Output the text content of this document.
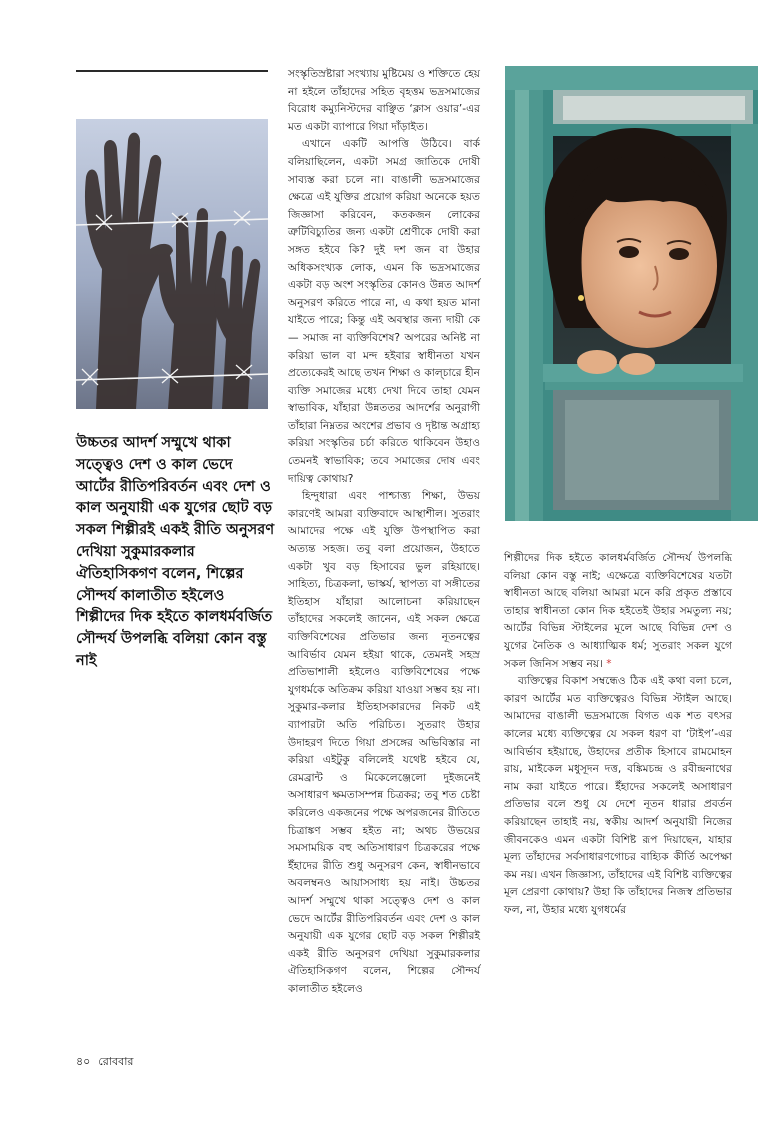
উচ্চতর আদর্শ সম্মুখে থাকা সত্ত্বেও দেশ ও কাল ভেদে আর্টের রীতিপরিবর্তন এবং দেশ ও কাল অনুযায়ী এক যুগের ছোট বড় সকল শিল্পীরই একই রীতি অনুসরণ দেখিয়া সুকুমারকলার ঐতিহাসিকগণ বলেন, শিল্পের সৌন্দর্য কালাতীত হইলেও শিল্পীদের দিক হইতে কালধর্মবর্জিত সৌন্দর্য উপলব্ধি বলিয়া কোন বস্তু নাই

সংস্কৃতিস্রষ্টারা সংখ্যায় মুষ্টিমেয় ও শক্তিতে হেয় না হইলে তাঁহাদের সহিত বৃহত্তম ভদ্রসমাজের বিরোধ কম্যুনিস্টদের বাঞ্ছিত ‘ক্লাস ওয়ার’-এর মত একটা ব্যাপারে গিয়া দাঁড়াইত।

এখানে একটি আপত্তি উঠিবে। বার্ক বলিয়াছিলেন, একটা সমগ্র জাতিকে দোষী সাব্যস্ত করা চলে না। বাঙালী ভদ্রসমাজের ক্ষেত্রে এই যুক্তির প্রয়োগ করিয়া অনেকে হয়ত জিজ্ঞাসা করিবেন, কতকজন লোকের ত্রুটিবিচ্যুতির জন্য একটা শ্রেণীকে দোষী করা সঙ্গত হইবে কি? দুই দশ জন বা উহার অধিকসংখ্যক লোক, এমন কি ভদ্রসমাজের একটা বড় অংশ সংস্কৃতির কোনও উন্নত আদর্শ অনুসরণ করিতে পারে না, এ কথা হয়ত মানা যাইতে পারে; কিন্তু এই অবস্থার জন্য দায়ী কে— সমাজ না ব্যক্তিবিশেষ? অপরের অনিষ্ট না করিয়া ভাল বা মন্দ হইবার স্বাধীনতা যখন প্রত্যেকেরই আছে তখন শিক্ষা ও কাল্চারে হীন ব্যক্তি সমাজের মধ্যে দেখা দিবে তাহা যেমন স্বাভাবিক, যাঁহারা উন্নততর আদর্শের অনুরাগী তাঁহারা নিম্নতর অংশের প্রভাব ও দৃষ্টান্ত অগ্রাহ্য করিয়া সংস্কৃতির চর্চা করিতে থাকিবেন উহাও তেমনই স্বাভাবিক; তবে সমাজের দোষ এবং দায়িত্ব কোথায়?

হিন্দুধারা এবং পাশ্চাত্ত্য শিক্ষা, উভয় কারণেই আমরা ব্যক্তিবাদে আস্থাশীল। সুতরাং আমাদের পক্ষে এই যুক্তি উপস্থাপিত করা অত্যন্ত সহজ। তবু বলা প্রয়োজন, উহাতে একটা খুব বড় হিসাবের ভুল রহিয়াছে। সাহিত্য, চিত্রকলা, ভাস্কর্য, স্থাপত্য বা সঙ্গীতের ইতিহাস যাঁহারা আলোচনা করিয়াছেন তাঁহাদের সকলেই জানেন, এই সকল ক্ষেত্রে ব্যক্তিবিশেষের প্রতিভার জন্য নূতনত্বের আবির্ভাব যেমন হইয়া থাকে, তেমনই সহস্র প্রতিভাশালী হইলেও ব্যক্তিবিশেষের পক্ষে যুগধর্মকে অতিক্রম করিয়া যাওয়া সম্ভব হয় না। সুকুমার-কলার ইতিহাসকারদের নিকট এই ব্যাপারটা অতি পরিচিত। সুতরাং উহার উদাহরণ দিতে গিয়া প্রসঙ্গের অভিবিস্তার না করিয়া এইটুকু বলিলেই যথেষ্ট হইবে যে, রেমব্রান্ট ও মিকেলেঞ্জেলো দুইজনেই অসাধারণ ক্ষমতাসম্পন্ন চিত্রকর; তবু শত চেষ্টা করিলেও একজনের পক্ষে অপরজনের রীতিতে চিত্রাঙ্কণ সম্ভব হইত না; অথচ উভয়ের সমসাময়িক বহু অতিসাধারণ চিত্রকরের পক্ষে ইঁহাদের রীতি শুধু অনুসরণ কেন, স্বাধীনভাবে অবলম্বনও আয়াসসাধ্য হয় নাই। উচ্চতর আদর্শ সম্মুখে থাকা সত্ত্বেও দেশ ও কাল ভেদে আর্টের রীতিপরিবর্তন এবং দেশ ও কাল অনুযায়ী এক যুগের ছোট বড় সকল শিল্পীরই একই রীতি অনুসরণ দেখিয়া সুকুমারকলার ঐতিহাসিকগণ বলেন, শিল্পের সৌন্দর্য কালাতীত হইলেও

শিল্পীদের দিক হইতে কালধর্মবর্জিত সৌন্দর্য উপলব্ধি বলিয়া কোন বস্তু নাই; এক্ষেত্রে ব্যক্তিবিশেষের যতটা স্বাধীনতা আছে বলিয়া আমরা মনে করি প্রকৃত প্রস্তাবে তাহার স্বাধীনতা কোন দিক হইতেই উহার সমতুল্য নয়; আর্টের বিভিন্ন স্টাইলের মূলে আছে বিভিন্ন দেশ ও যুগের নৈতিক ও আধ্যাত্মিক ধর্ম; সুতরাং সকল যুগে সকল জিনিস সম্ভব নয়। *

ব্যক্তিত্বের বিকাশ সম্বন্ধেও ঠিক এই কথা বলা চলে, কারণ আর্টের মত ব্যক্তিত্বেরও বিভিন্ন স্টাইল আছে। আমাদের বাঙালী ভদ্রসমাজে বিগত এক শত বৎসর কালের মধ্যে ব্যক্তিত্বের যে সকল ধরণ বা ‘টাইপ’-এর আবির্ভাব হইয়াছে, উহাদের প্রতীক হিসাবে রামমোহন রায়, মাইকেল মধুসূদন দত্ত, বঙ্কিমচন্দ্র ও রবীন্দ্রনাথের নাম করা যাইতে পারে। ইঁহাদের সকলেই অসাধারণ প্রতিভার বলে শুধু যে দেশে নূতন ধারার প্রবর্তন করিয়াছেন তাহাই নয়, স্বকীয় আদর্শ অনুযায়ী নিজের জীবনকেও এমন একটা বিশিষ্ট রূপ দিয়াছেন, যাহার মূল্য তাঁহাদের সর্বসাধারণগোচর বাহ্যিক কীর্তি অপেক্ষা কম নয়। এখন জিজ্ঞাস্য, তাঁহাদের এই বিশিষ্ট ব্যক্তিত্বের মূল প্রেরণা কোথায়? উহা কি তাঁহাদের নিজস্ব প্রতিভার ফল, না, উহার মধ্যে যুগধর্মের

৪০ রোববার
